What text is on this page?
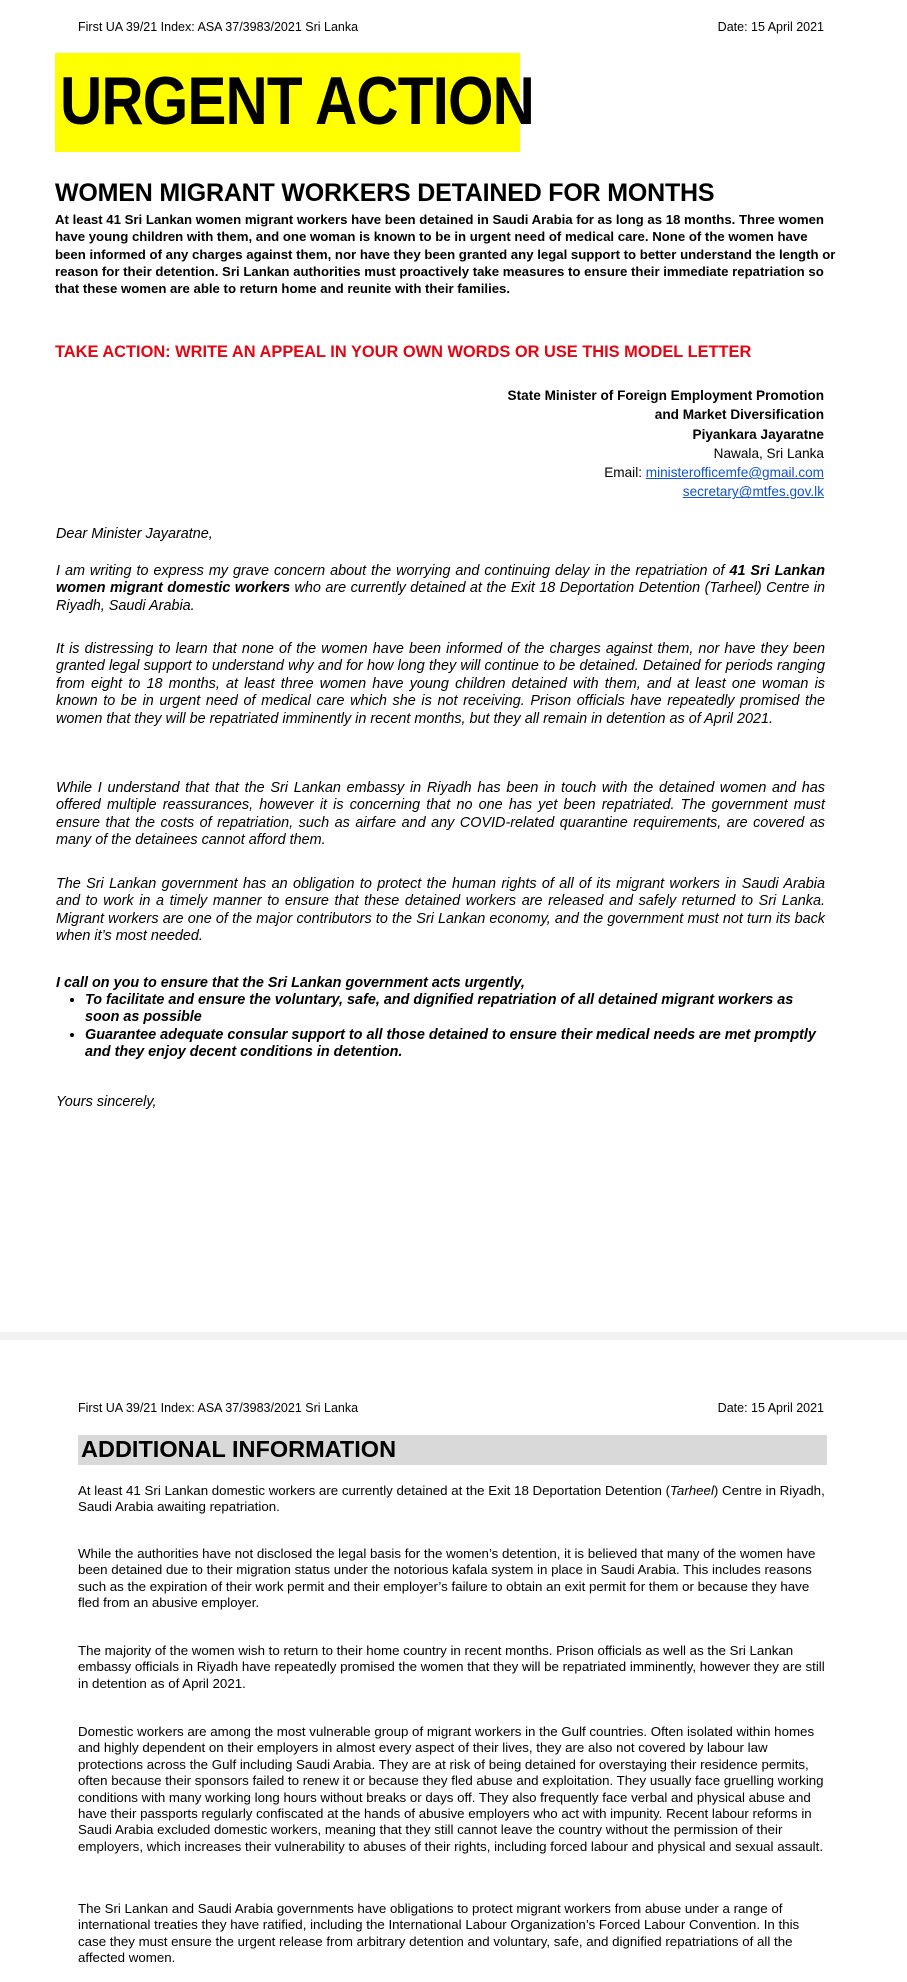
First UA 39/21 Index: ASA 37/3983/2021 Sri Lanka	Date: 15 April 2021
URGENT ACTION
WOMEN MIGRANT WORKERS DETAINED FOR MONTHS
At least 41 Sri Lankan women migrant workers have been detained in Saudi Arabia for as long as 18 months. Three women have young children with them, and one woman is known to be in urgent need of medical care. None of the women have been informed of any charges against them, nor have they been granted any legal support to better understand the length or reason for their detention. Sri Lankan authorities must proactively take measures to ensure their immediate repatriation so that these women are able to return home and reunite with their families.
TAKE ACTION: WRITE AN APPEAL IN YOUR OWN WORDS OR USE THIS MODEL LETTER
State Minister of Foreign Employment Promotion
and Market Diversification
Piyankara Jayaratne
Nawala, Sri Lanka
Email: ministerofficemfe@gmail.com
secretary@mtfes.gov.lk
Dear Minister Jayaratne,
I am writing to express my grave concern about the worrying and continuing delay in the repatriation of 41 Sri Lankan women migrant domestic workers who are currently detained at the Exit 18 Deportation Detention (Tarheel) Centre in Riyadh, Saudi Arabia.
It is distressing to learn that none of the women have been informed of the charges against them, nor have they been granted legal support to understand why and for how long they will continue to be detained. Detained for periods ranging from eight to 18 months, at least three women have young children detained with them, and at least one woman is known to be in urgent need of medical care which she is not receiving. Prison officials have repeatedly promised the women that they will be repatriated imminently in recent months, but they all remain in detention as of April 2021.
While I understand that that the Sri Lankan embassy in Riyadh has been in touch with the detained women and has offered multiple reassurances, however it is concerning that no one has yet been repatriated. The government must ensure that the costs of repatriation, such as airfare and any COVID-related quarantine requirements, are covered as many of the detainees cannot afford them.
The Sri Lankan government has an obligation to protect the human rights of all of its migrant workers in Saudi Arabia and to work in a timely manner to ensure that these detained workers are released and safely returned to Sri Lanka. Migrant workers are one of the major contributors to the Sri Lankan economy, and the government must not turn its back when it’s most needed.
I call on you to ensure that the Sri Lankan government acts urgently,
• To facilitate and ensure the voluntary, safe, and dignified repatriation of all detained migrant workers as soon as possible
• Guarantee adequate consular support to all those detained to ensure their medical needs are met promptly and they enjoy decent conditions in detention.
Yours sincerely,
First UA 39/21 Index: ASA 37/3983/2021 Sri Lanka	Date: 15 April 2021
ADDITIONAL INFORMATION
At least 41 Sri Lankan domestic workers are currently detained at the Exit 18 Deportation Detention (Tarheel) Centre in Riyadh, Saudi Arabia awaiting repatriation.
While the authorities have not disclosed the legal basis for the women’s detention, it is believed that many of the women have been detained due to their migration status under the notorious kafala system in place in Saudi Arabia. This includes reasons such as the expiration of their work permit and their employer’s failure to obtain an exit permit for them or because they have fled from an abusive employer.
The majority of the women wish to return to their home country in recent months. Prison officials as well as the Sri Lankan embassy officials in Riyadh have repeatedly promised the women that they will be repatriated imminently, however they are still in detention as of April 2021.
Domestic workers are among the most vulnerable group of migrant workers in the Gulf countries. Often isolated within homes and highly dependent on their employers in almost every aspect of their lives, they are also not covered by labour law protections across the Gulf including Saudi Arabia. They are at risk of being detained for overstaying their residence permits, often because their sponsors failed to renew it or because they fled abuse and exploitation. They usually face gruelling working conditions with many working long hours without breaks or days off. They also frequently face verbal and physical abuse and have their passports regularly confiscated at the hands of abusive employers who act with impunity. Recent labour reforms in Saudi Arabia excluded domestic workers, meaning that they still cannot leave the country without the permission of their employers, which increases their vulnerability to abuses of their rights, including forced labour and physical and sexual assault.
The Sri Lankan and Saudi Arabia governments have obligations to protect migrant workers from abuse under a range of international treaties they have ratified, including the International Labour Organization’s Forced Labour Convention. In this case they must ensure the urgent release from arbitrary detention and voluntary, safe, and dignified repatriations of all the affected women.
